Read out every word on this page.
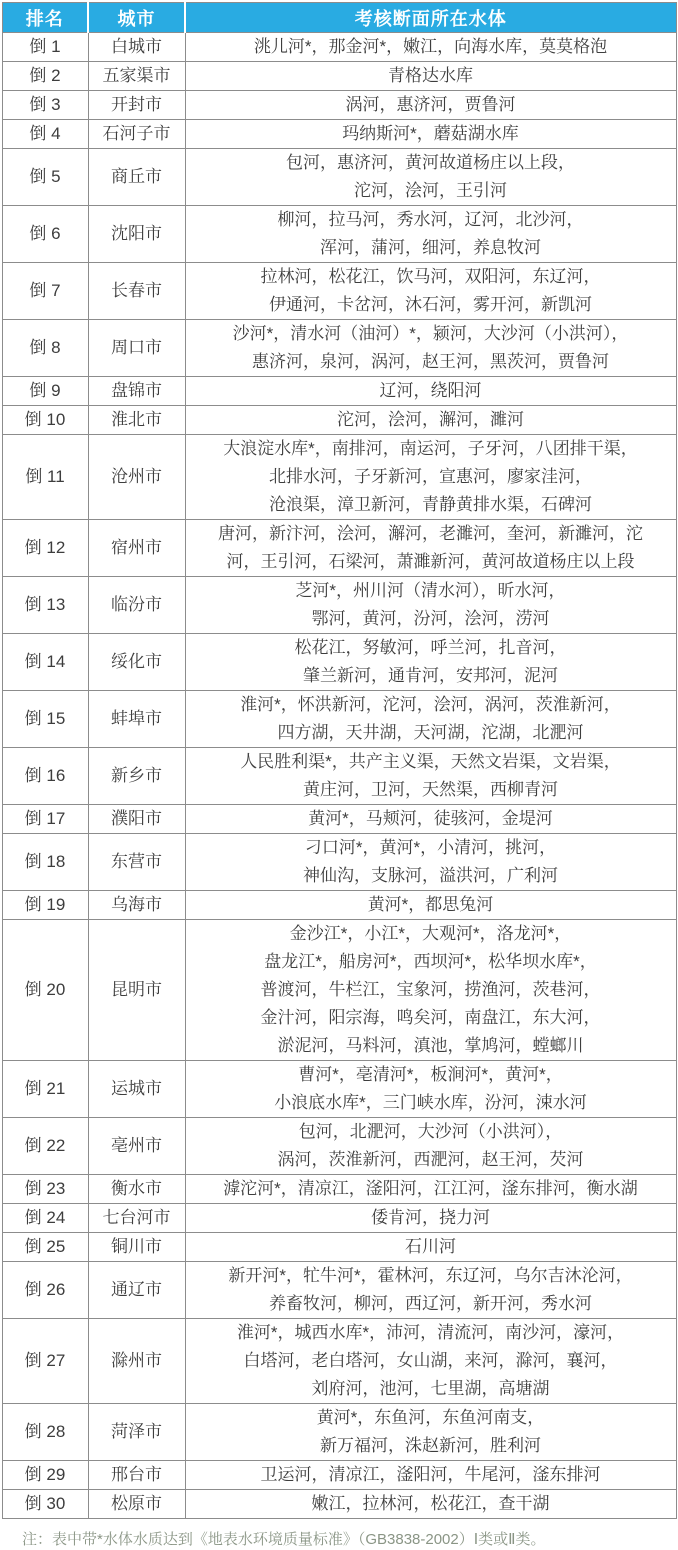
排名	城市	考核断面所在水体
倒 1	白城市	洮儿河*，那金河*，嫩江，向海水库，莫莫格泡

倒 2	五家渠市	青格达水库

倒 3	开封市	涡河，惠济河，贾鲁河

倒 4	石河子市	玛纳斯河*，蘑菇湖水库

倒 5	商丘市	包河，惠济河，黄河故道杨庄以上段，
沱河，浍河，王引河

倒 6	沈阳市	柳河，拉马河，秀水河，辽河，北沙河，
浑河，蒲河，细河，养息牧河

倒 7	长春市	拉林河，松花江，饮马河，双阳河，东辽河，
伊通河，卡岔河，沐石河，雾开河，新凯河

倒 8	周口市	沙河*，清水河（油河）*，颍河，大沙河（小洪河），
惠济河，泉河，涡河，赵王河，黑茨河，贾鲁河

倒 9	盘锦市	辽河，绕阳河

倒 10	淮北市	沱河，浍河，澥河，濉河

倒 11	沧州市	大浪淀水库*，南排河，南运河，子牙河，八团排干渠，
北排水河，子牙新河，宣惠河，廖家洼河，
沧浪渠，漳卫新河，青静黄排水渠，石碑河

倒 12	宿州市	唐河，新汴河，浍河，澥河，老濉河，奎河，新濉河，沱
河，王引河，石梁河，萧濉新河，黄河故道杨庄以上段

倒 13	临汾市	芝河*，州川河（清水河），昕水河，
鄂河，黄河，汾河，浍河，涝河

倒 14	绥化市	松花江，努敏河，呼兰河，扎音河，
肇兰新河，通肯河，安邦河，泥河

倒 15	蚌埠市	淮河*，怀洪新河，沱河，浍河，涡河，茨淮新河，
四方湖，天井湖，天河湖，沱湖，北淝河

倒 16	新乡市	人民胜利渠*，共产主义渠，天然文岩渠，文岩渠，
黄庄河，卫河，天然渠，西柳青河

倒 17	濮阳市	黄河*，马颊河，徒骇河，金堤河

倒 18	东营市	刁口河*，黄河*，小清河，挑河，
神仙沟，支脉河，溢洪河，广利河

倒 19	乌海市	黄河*，都思兔河

倒 20	昆明市	金沙江*，小江*，大观河*，洛龙河*，
盘龙江*，船房河*，西坝河*，松华坝水库*，
普渡河，牛栏江，宝象河，捞渔河，茨巷河，
金汁河，阳宗海，鸣矣河，南盘江，东大河，
淤泥河，马料河，滇池，掌鸠河，螳螂川

倒 21	运城市	曹河*，亳清河*，板涧河*，黄河*，
小浪底水库*，三门峡水库，汾河，涑水河

倒 22	亳州市	包河，北淝河，大沙河（小洪河），
涡河，茨淮新河，西淝河，赵王河，芡河

倒 23	衡水市	滹沱河*，清凉江，滏阳河，江江河，滏东排河，衡水湖

倒 24	七台河市	倭肯河，挠力河

倒 25	铜川市	石川河

倒 26	通辽市	新开河*，牤牛河*，霍林河，东辽河，乌尔吉沐沦河，
养畜牧河，柳河，西辽河，新开河，秀水河

倒 27	滁州市	淮河*，城西水库*，沛河，清流河，南沙河，濠河，
白塔河，老白塔河，女山湖，来河，滁河，襄河，
刘府河，池河，七里湖，高塘湖

倒 28	菏泽市	黄河*，东鱼河，东鱼河南支，
新万福河，洙赵新河，胜利河

倒 29	邢台市	卫运河，清凉江，滏阳河，牛尾河，滏东排河

倒 30	松原市	嫩江，拉林河，松花江，查干湖
注：表中带*水体水质达到《地表水环境质量标准》（GB3838-2002）Ⅰ类或Ⅱ类。
